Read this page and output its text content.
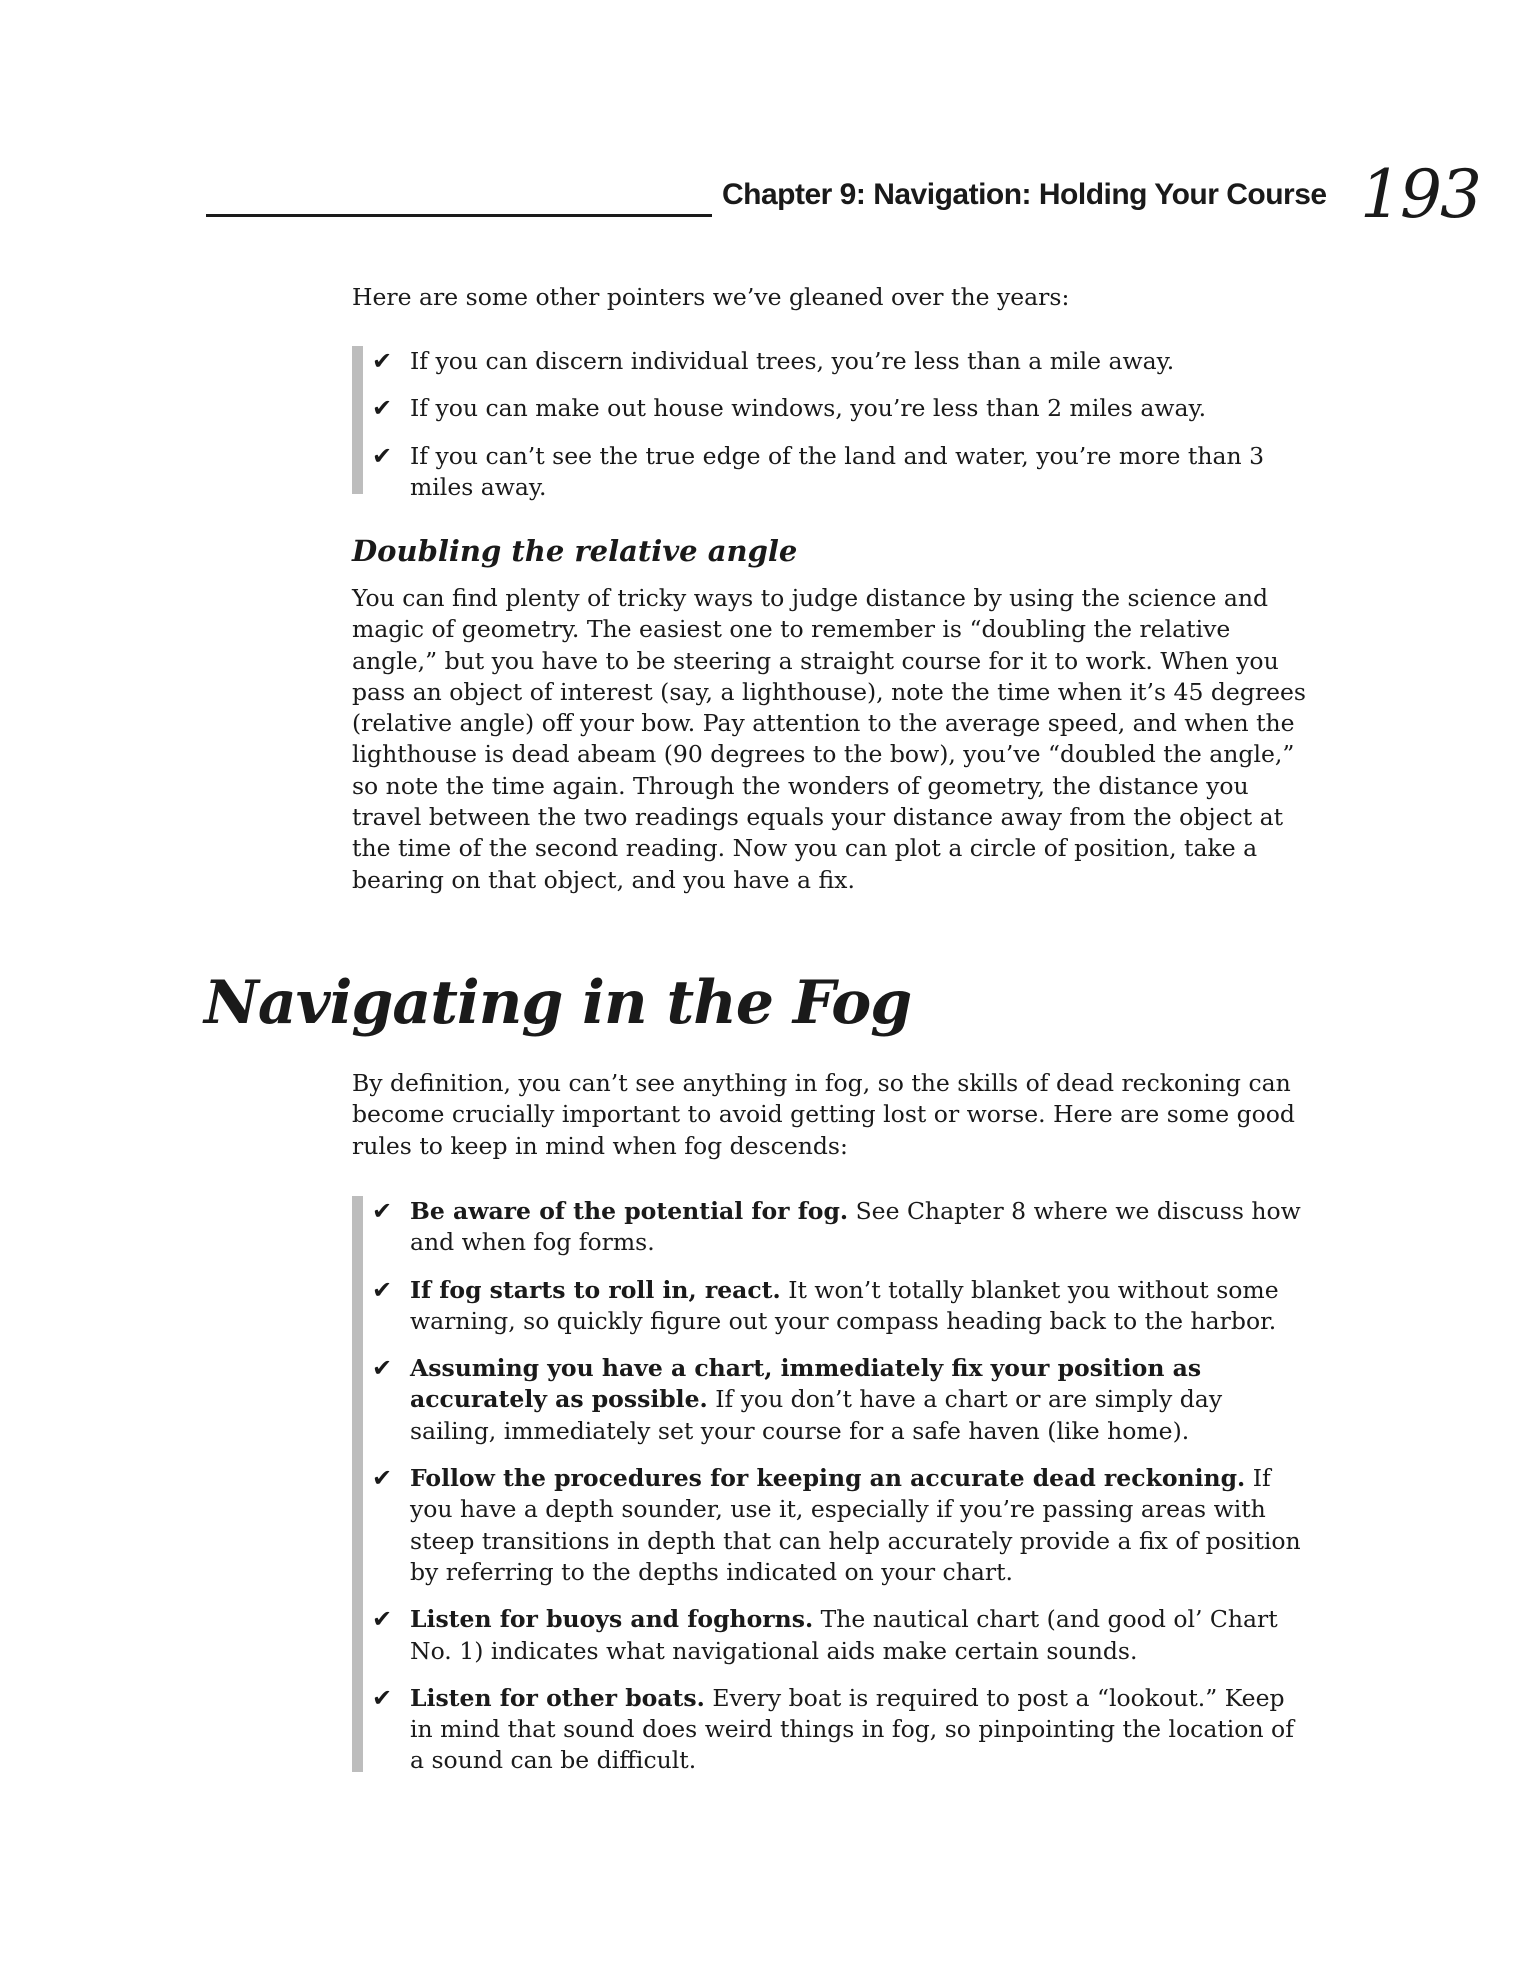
Chapter 9: Navigation: Holding Your Course 193

Here are some other pointers we’ve gleaned over the years:

✔ If you can discern individual trees, you’re less than a mile away.
✔ If you can make out house windows, you’re less than 2 miles away.
✔ If you can’t see the true edge of the land and water, you’re more than 3 miles away.
Doubling the relative angle

You can find plenty of tricky ways to judge distance by using the science and magic of geometry. The easiest one to remember is “doubling the relative angle,” but you have to be steering a straight course for it to work. When you pass an object of interest (say, a lighthouse), note the time when it’s 45 degrees (relative angle) off your bow. Pay attention to the average speed, and when the lighthouse is dead abeam (90 degrees to the bow), you’ve “doubled the angle,” so note the time again. Through the wonders of geometry, the distance you travel between the two readings equals your distance away from the object at the time of the second reading. Now you can plot a circle of position, take a bearing on that object, and you have a fix.

Navigating in the Fog

By definition, you can’t see anything in fog, so the skills of dead reckoning can become crucially important to avoid getting lost or worse. Here are some good rules to keep in mind when fog descends:

✔ Be aware of the potential for fog. See Chapter 8 where we discuss how and when fog forms.
✔ If fog starts to roll in, react. It won’t totally blanket you without some warning, so quickly figure out your compass heading back to the harbor.
✔ Assuming you have a chart, immediately fix your position as accurately as possible. If you don’t have a chart or are simply day sailing, immediately set your course for a safe haven (like home).
✔ Follow the procedures for keeping an accurate dead reckoning. If you have a depth sounder, use it, especially if you’re passing areas with steep transitions in depth that can help accurately provide a fix of position by referring to the depths indicated on your chart.
✔ Listen for buoys and foghorns. The nautical chart (and good ol’ Chart No. 1) indicates what navigational aids make certain sounds.
✔ Listen for other boats. Every boat is required to post a “lookout.” Keep in mind that sound does weird things in fog, so pinpointing the location of a sound can be difficult.
